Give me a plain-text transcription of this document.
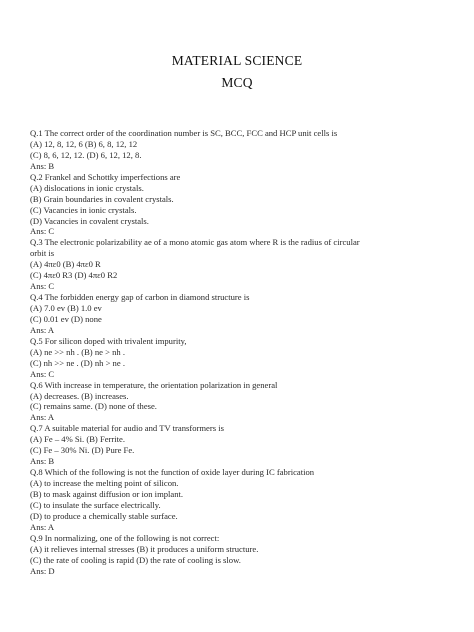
MATERIAL SCIENCE
MCQ
Q.1 The correct order of the coordination number is SC, BCC, FCC and HCP unit cells is
(A) 12, 8, 12, 6 (B) 6, 8, 12, 12
(C) 8, 6, 12, 12. (D) 6, 12, 12, 8.
Ans: B
Q.2 Frankel and Schottky imperfections are
(A) dislocations in ionic crystals.
(B) Grain boundaries in covalent crystals.
(C) Vacancies in ionic crystals.
(D) Vacancies in covalent crystals.
Ans: C
Q.3 The electronic polarizability ae of a mono atomic gas atom where R is the radius of circular
orbit is
(A) 4πε0 (B) 4πε0 R
(C) 4πε0 R3 (D) 4πε0 R2
Ans: C
Q.4 The forbidden energy gap of carbon in diamond structure is
(A) 7.0 ev (B) 1.0 ev
(C) 0.01 ev (D) none
Ans: A
Q.5 For silicon doped with trivalent impurity,
(A) ne >> nh . (B) ne > nh .
(C) nh >> ne . (D) nh > ne .
Ans: C
Q.6 With increase in temperature, the orientation polarization in general
(A) decreases. (B) increases.
(C) remains same. (D) none of these.
Ans: A
Q.7 A suitable material for audio and TV transformers is
(A) Fe – 4% Si. (B) Ferrite.
(C) Fe – 30% Ni. (D) Pure Fe.
Ans: B
Q.8 Which of the following is not the function of oxide layer during IC fabrication
(A) to increase the melting point of silicon.
(B) to mask against diffusion or ion implant.
(C) to insulate the surface electrically.
(D) to produce a chemically stable surface.
Ans: A
Q.9 In normalizing, one of the following is not correct:
(A) it relieves internal stresses (B) it produces a uniform structure.
(C) the rate of cooling is rapid (D) the rate of cooling is slow.
Ans: D
